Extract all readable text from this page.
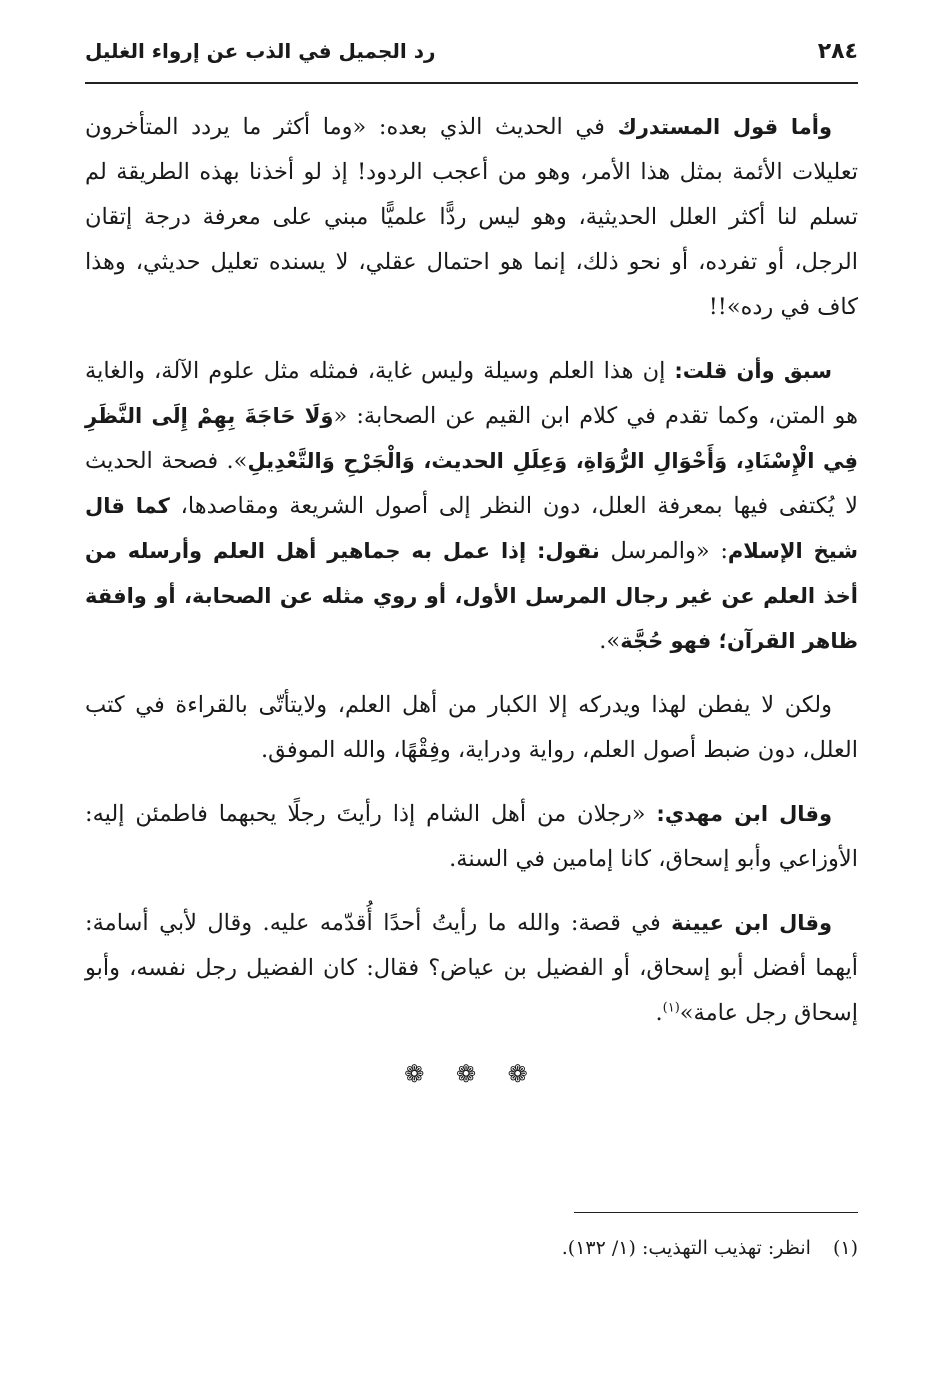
٢٨٤
رد الجميل في الذب عن إرواء الغليل

وأما قول المستدرك في الحديث الذي بعده: «وما أكثر ما يردد المتأخرون تعليلات الأئمة بمثل هذا الأمر، وهو من أعجب الردود! إذ لو أخذنا بهذه الطريقة لم تسلم لنا أكثر العلل الحديثية، وهو ليس ردًّا علميًّا مبني على معرفة درجة إتقان الرجل، أو تفرده، أو نحو ذلك، إنما هو احتمال عقلي، لا يسنده تعليل حديثي، وهذا كاف في رده»!!

سبق وأن قلت: إن هذا العلم وسيلة وليس غاية، فمثله مثل علوم الآلة، والغاية هو المتن، وكما تقدم في كلام ابن القيم عن الصحابة: «وَلَا حَاجَةَ بِهِمْ إِلَى النَّظَرِ فِي الْإِسْنَادِ، وَأَحْوَالِ الرُّوَاةِ، وَعِلَلِ الحديث، وَالْجَرْحِ وَالتَّعْدِيلِ». فصحة الحديث لا يُكتفى فيها بمعرفة العلل، دون النظر إلى أصول الشريعة ومقاصدها، كما قال شيخ الإسلام: «والمرسل نقول: إذا عمل به جماهير أهل العلم وأرسله من أخذ العلم عن غير رجال المرسل الأول، أو روي مثله عن الصحابة، أو وافقة ظاهر القرآن؛ فهو حُجَّة».

ولكن لا يفطن لهذا ويدركه إلا الكبار من أهل العلم، ولايتأتّى بالقراءة في كتب العلل، دون ضبط أصول العلم، رواية ودراية، وفِقْهًا، والله الموفق.

وقال ابن مهدي: «رجلان من أهل الشام إذا رأيتَ رجلًا يحبهما فاطمئن إليه: الأوزاعي وأبو إسحاق، كانا إمامين في السنة.

وقال ابن عيينة في قصة: والله ما رأيتُ أحدًا أُقدّمه عليه. وقال لأبي أسامة: أيهما أفضل أبو إسحاق، أو الفضيل بن عياض؟ فقال: كان الفضيل رجل نفسه، وأبو إسحاق رجل عامة»$^{(١)}$.

❁ ❁ ❁
(١)انظر: تهذيب التهذيب: (١/ ١٣٢).
